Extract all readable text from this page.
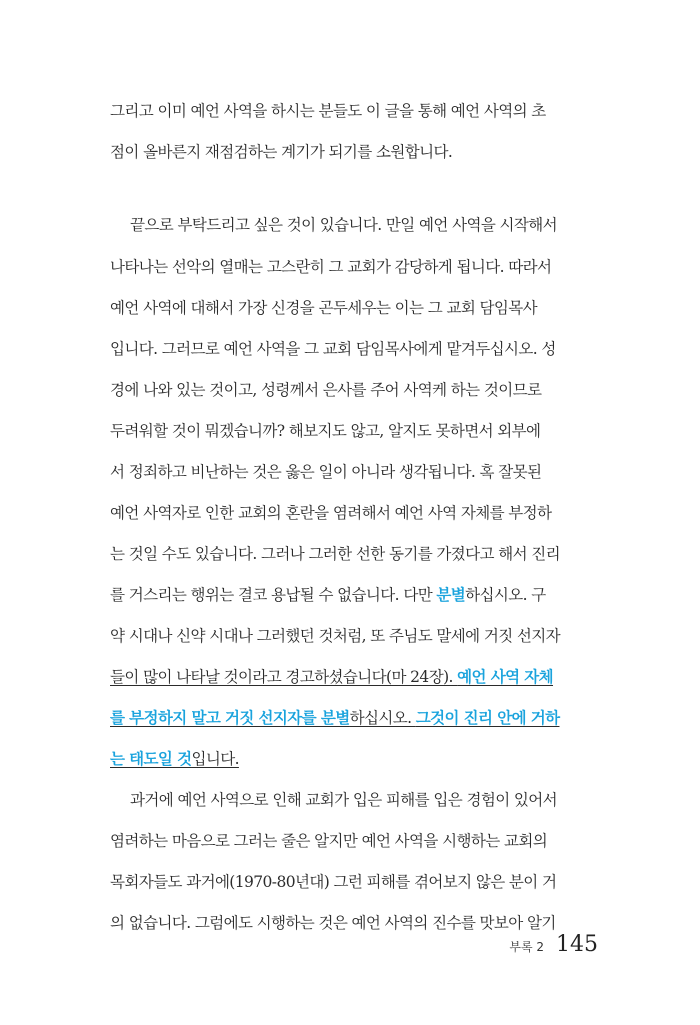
그리고 이미 예언 사역을 하시는 분들도 이 글을 통해 예언 사역의 초
점이 올바른지 재점검하는 계기가 되기를 소원합니다.
끝으로 부탁드리고 싶은 것이 있습니다. 만일 예언 사역을 시작해서
나타나는 선악의 열매는 고스란히 그 교회가 감당하게 됩니다. 따라서
예언 사역에 대해서 가장 신경을 곤두세우는 이는 그 교회 담임목사
입니다. 그러므로 예언 사역을 그 교회 담임목사에게 맡겨두십시오. 성
경에 나와 있는 것이고, 성령께서 은사를 주어 사역케 하는 것이므로
두려워할 것이 뭐겠습니까? 해보지도 않고, 알지도 못하면서 외부에
서 정죄하고 비난하는 것은 옳은 일이 아니라 생각됩니다. 혹 잘못된
예언 사역자로 인한 교회의 혼란을 염려해서 예언 사역 자체를 부정하
는 것일 수도 있습니다. 그러나 그러한 선한 동기를 가졌다고 해서 진리
를 거스리는 행위는 결코 용납될 수 없습니다. 다만 분별하십시오. 구
약 시대나 신약 시대나 그러했던 것처럼, 또 주님도 말세에 거짓 선지자
들이 많이 나타날 것이라고 경고하셨습니다(마 24장). 예언 사역 자체
를 부정하지 말고 거짓 선지자를 분별하십시오. 그것이 진리 안에 거하
는 태도일 것입니다.
과거에 예언 사역으로 인해 교회가 입은 피해를 입은 경험이 있어서
염려하는 마음으로 그러는 줄은 알지만 예언 사역을 시행하는 교회의
목회자들도 과거에(1970-80년대) 그런 피해를 겪어보지 않은 분이 거
의 없습니다. 그럼에도 시행하는 것은 예언 사역의 진수를 맛보아 알기
부록 2 145
